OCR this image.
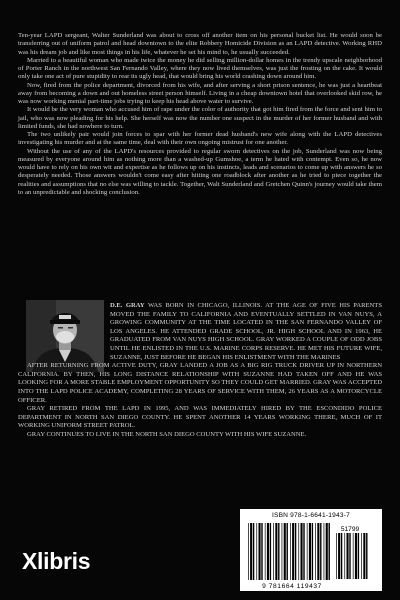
Ten-year LAPD sergeant, Walter Sunderland was about to cross off another item on his personal bucket list. He would soon be transferring out of uniform patrol and head downtown to the elite Robbery Homicide Division as an LAPD detective. Working RHD was his dream job and like most things in his life, whatever he set his mind to, he usually succeeded.

Married to a beautiful woman who made twice the money he did selling million-dollar homes in the trendy upscale neighborhood of Porter Ranch in the northwest San Fernando Valley, where they now lived themselves, was just the frosting on the cake. It would only take one act of pure stupidity to rear its ugly head, that would bring his world crashing down around him.

Now, fired from the police department, divorced from his wife, and after serving a short prison sentence, he was just a heartbeat away from becoming a down and out homeless street person himself. Living in a cheap downtown hotel that overlooked skid row, he was now working menial part-time jobs trying to keep his head above water to survive.

It would be the very woman who accused him of rape under the color of authority that got him fired from the force and sent him to jail, who was now pleading for his help. She herself was now the number one suspect in the murder of her former husband and with limited funds, she had nowhere to turn.

The two unlikely pair would join forces to spar with her former dead husband's new wife along with the LAPD detectives investigating his murder and at the same time, deal with their own ongoing mistrust for one another.

Without the use of any of the LAPD's resources provided to regular sworn detectives on the job, Sunderland was now being measured by everyone around him as nothing more than a washed-up Gumshoe, a term he hated with contempt. Even so, he now would have to rely on his own wit and expertise as he follows up on his instincts, leads and scenarios to come up with answers he so desperately needed. Those answers wouldn't come easy after hitting one roadblock after another as he tried to piece together the realities and assumptions that no else was willing to tackle. Together, Walt Sunderland and Gretchen Quinn's journey would take them to an unpredictable and shocking conclusion.

D.E. GRAY WAS BORN IN CHICAGO, ILLINOIS. AT THE AGE OF FIVE HIS PARENTS MOVED THE FAMILY TO CALIFORNIA AND EVENTUALLY SETTLED IN VAN NUYS, A GROWING COMMUNITY AT THE TIME LOCATED IN THE SAN FERNANDO VALLEY OF LOS ANGELES. HE ATTENDED GRADE SCHOOL, JR. HIGH SCHOOL AND IN 1963, HE GRADUATED FROM VAN NUYS HIGH SCHOOL. GRAY WORKED A COUPLE OF ODD JOBS UNTIL HE ENLISTED IN THE U.S. MARINE CORPS RESERVE. HE MET HIS FUTURE WIFE, SUZANNE, JUST BEFORE HE BEGAN HIS ENLISTMENT WITH THE MARINES

AFTER RETURNING FROM ACTIVE DUTY, GRAY LANDED A JOB AS A BIG RIG TRUCK DRIVER UP IN NORTHERN CALIFORNIA. BY THEN, HIS LONG DISTANCE RELATIONSHIP WITH SUZANNE HAD TAKEN OFF AND HE WAS LOOKING FOR A MORE STABLE EMPLOYMENT OPPORTUNITY SO THEY COULD GET MARRIED. GRAY WAS ACCEPTED INTO THE LAPD POLICE ACADEMY, COMPLETING 28 YEARS OF SERVICE WITH THEM, 26 YEARS AS A MOTORCYCLE OFFICER.

GRAY RETIRED FROM THE LAPD IN 1995, AND WAS IMMEDIATELY HIRED BY THE ESCONDIDO POLICE DEPARTMENT IN NORTH SAN DIEGO COUNTY. HE SPENT ANOTHER 14 YEARS WORKING THERE, MUCH OF IT WORKING UNIFORM STREET PATROL.

GRAY CONTINUES TO LIVE IN THE NORTH SAN DIEGO COUNTY WITH HIS WIFE SUZANNE.

Xlibris
51799
9 781664 119437
ISBN 978-1-6641-1943-7
